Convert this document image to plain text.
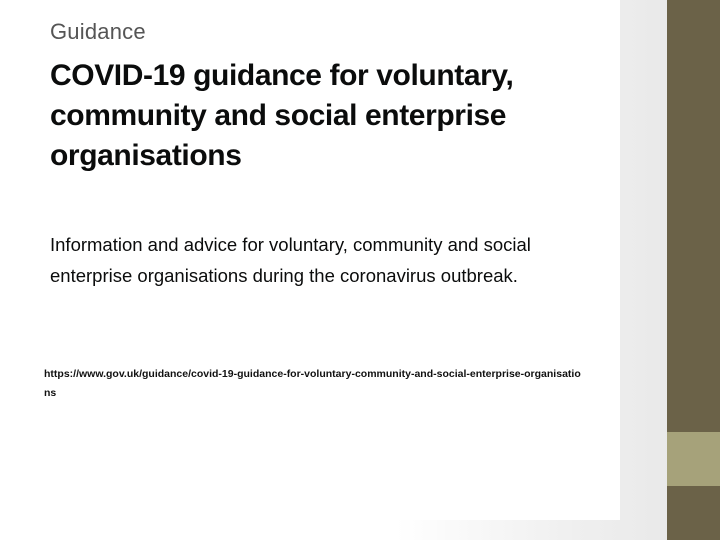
Guidance
COVID-19 guidance for voluntary, community and social enterprise organisations

Information and advice for voluntary, community and social enterprise organisations during the coronavirus outbreak.

https://www.gov.uk/guidance/covid-19-guidance-for-voluntary-community-and-social-enterprise-organisations
